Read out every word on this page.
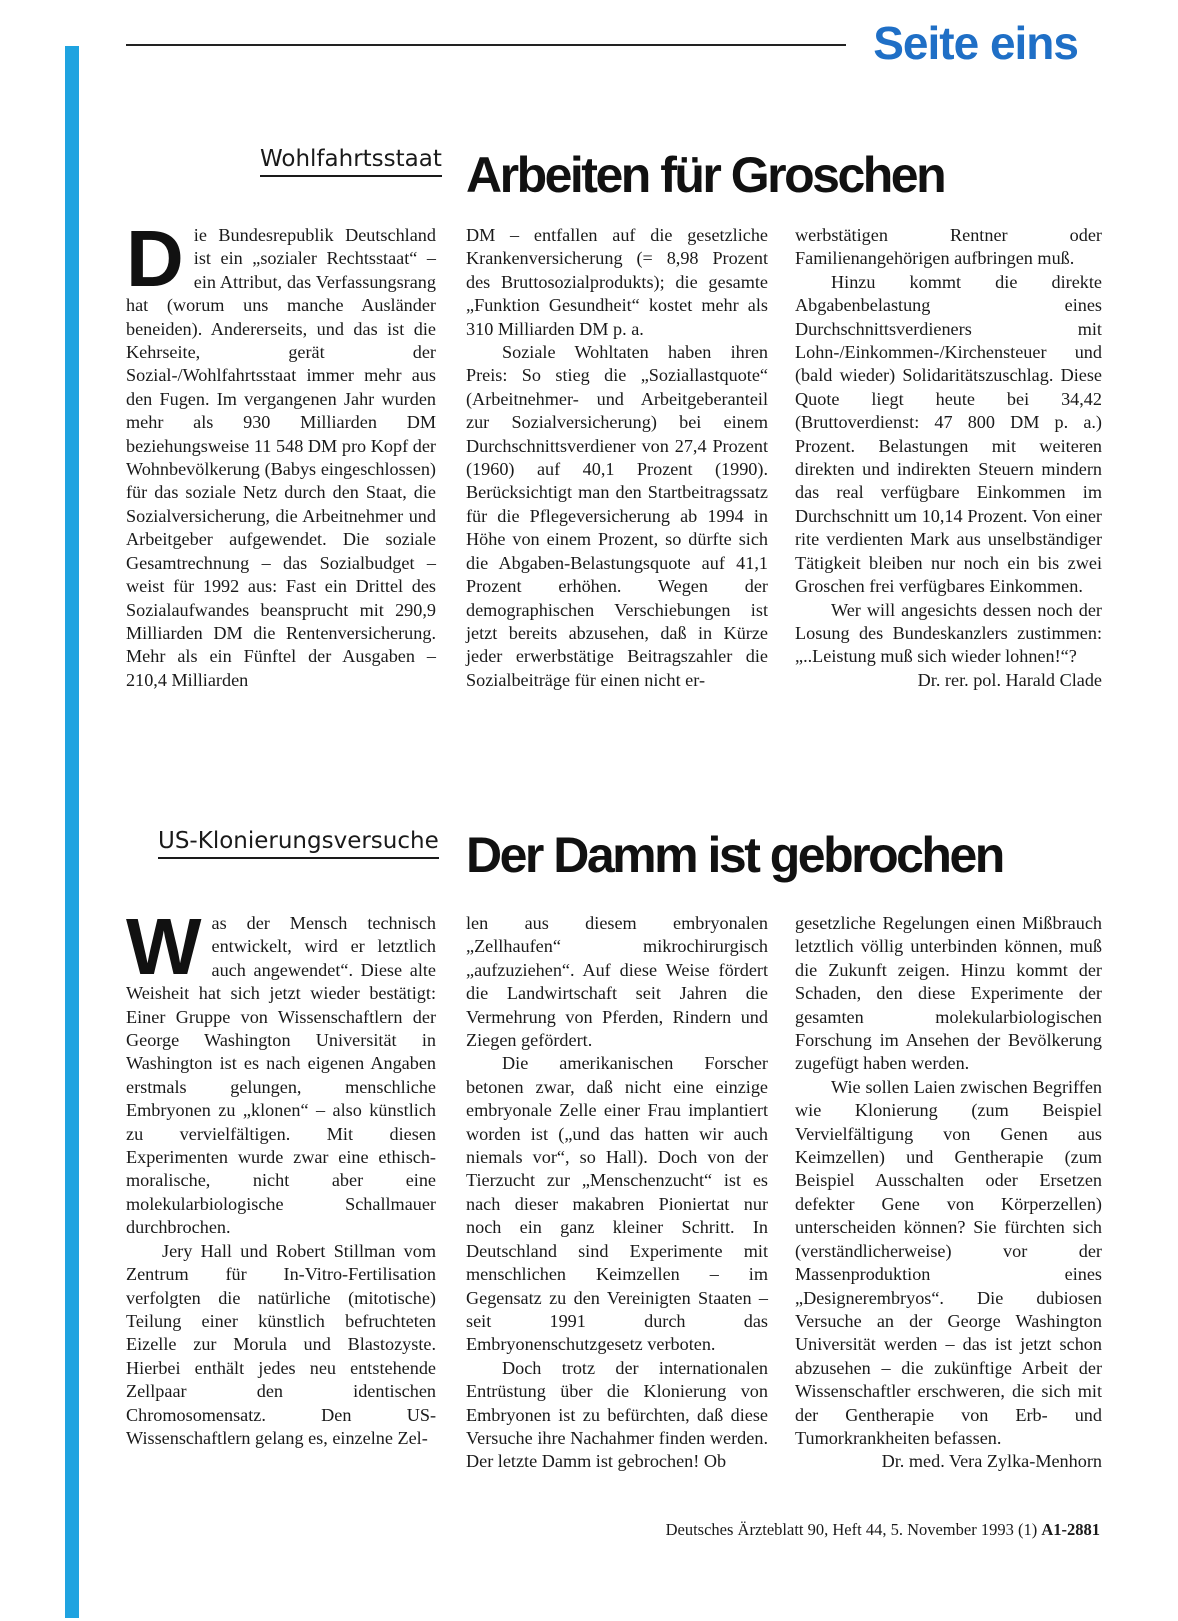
Seite eins
Wohlfahrtsstaat Arbeiten für Groschen

Die Bundesrepublik Deutschland ist ein „sozialer Rechtsstaat“ – ein Attribut, das Verfassungsrang hat (worum uns manche Ausländer beneiden). Andererseits, und das ist die Kehrseite, gerät der Sozial-/Wohlfahrtsstaat immer mehr aus den Fugen. Im vergangenen Jahr wurden mehr als 930 Milliarden DM beziehungsweise 11 548 DM pro Kopf der Wohnbevölkerung (Babys eingeschlossen) für das soziale Netz durch den Staat, die Sozialversicherung, die Arbeitnehmer und Arbeitgeber aufgewendet. Die soziale Gesamtrechnung – das Sozialbudget – weist für 1992 aus: Fast ein Drittel des Sozialaufwandes beansprucht mit 290,9 Milliarden DM die Rentenversicherung. Mehr als ein Fünftel der Ausgaben – 210,4 Milliarden

DM – entfallen auf die gesetzliche Krankenversicherung (= 8,98 Prozent des Bruttosozialprodukts); die gesamte „Funktion Gesundheit“ kostet mehr als 310 Milliarden DM p. a.

Soziale Wohltaten haben ihren Preis: So stieg die „Soziallastquote“ (Arbeitnehmer- und Arbeitgeberanteil zur Sozialversicherung) bei einem Durchschnittsverdiener von 27,4 Prozent (1960) auf 40,1 Prozent (1990). Berücksichtigt man den Startbeitragssatz für die Pflegeversicherung ab 1994 in Höhe von einem Prozent, so dürfte sich die Abgaben-Belastungsquote auf 41,1 Prozent erhöhen. Wegen der demographischen Verschiebungen ist jetzt bereits abzusehen, daß in Kürze jeder erwerbstätige Beitragszahler die Sozialbeiträge für einen nicht er-

werbstätigen Rentner oder Familienangehörigen aufbringen muß.

Hinzu kommt die direkte Abgabenbelastung eines Durchschnittsverdieners mit Lohn-/Einkommen-/Kirchensteuer und (bald wieder) Solidaritätszuschlag. Diese Quote liegt heute bei 34,42 (Bruttoverdienst: 47 800 DM p. a.) Prozent. Belastungen mit weiteren direkten und indirekten Steuern mindern das real verfügbare Einkommen im Durchschnitt um 10,14 Prozent. Von einer rite verdienten Mark aus unselbständiger Tätigkeit bleiben nur noch ein bis zwei Groschen frei verfügbares Einkommen.

Wer will angesichts dessen noch der Losung des Bundeskanzlers zustimmen: „..Leistung muß sich wieder lohnen!“?

Dr. rer. pol. Harald Clade

US-Klonierungsversuche Der Damm ist gebrochen

Was der Mensch technisch entwickelt, wird er letztlich auch angewendet“. Diese alte Weisheit hat sich jetzt wieder bestätigt: Einer Gruppe von Wissenschaftlern der George Washington Universität in Washington ist es nach eigenen Angaben erstmals gelungen, menschliche Embryonen zu „klonen“ – also künstlich zu vervielfältigen. Mit diesen Experimenten wurde zwar eine ethisch-moralische, nicht aber eine molekularbiologische Schallmauer durchbrochen.

Jery Hall und Robert Stillman vom Zentrum für In-Vitro-Fertilisation verfolgten die natürliche (mitotische) Teilung einer künstlich befruchteten Eizelle zur Morula und Blastozyste. Hierbei enthält jedes neu entstehende Zellpaar den identischen Chromosomensatz. Den US-Wissenschaftlern gelang es, einzelne Zel-

len aus diesem embryonalen „Zellhaufen“ mikrochirurgisch „aufzuziehen“. Auf diese Weise fördert die Landwirtschaft seit Jahren die Vermehrung von Pferden, Rindern und Ziegen gefördert.

Die amerikanischen Forscher betonen zwar, daß nicht eine einzige embryonale Zelle einer Frau implantiert worden ist („und das hatten wir auch niemals vor“, so Hall). Doch von der Tierzucht zur „Menschenzucht“ ist es nach dieser makabren Pioniertat nur noch ein ganz kleiner Schritt. In Deutschland sind Experimente mit menschlichen Keimzellen – im Gegensatz zu den Vereinigten Staaten – seit 1991 durch das Embryonenschutzgesetz verboten.

Doch trotz der internationalen Entrüstung über die Klonierung von Embryonen ist zu befürchten, daß diese Versuche ihre Nachahmer finden werden. Der letzte Damm ist gebrochen! Ob

gesetzliche Regelungen einen Mißbrauch letztlich völlig unterbinden können, muß die Zukunft zeigen. Hinzu kommt der Schaden, den diese Experimente der gesamten molekularbiologischen Forschung im Ansehen der Bevölkerung zugefügt haben werden.

Wie sollen Laien zwischen Begriffen wie Klonierung (zum Beispiel Vervielfältigung von Genen aus Keimzellen) und Gentherapie (zum Beispiel Ausschalten oder Ersetzen defekter Gene von Körperzellen) unterscheiden können? Sie fürchten sich (verständlicherweise) vor der Massenproduktion eines „Designerembryos“. Die dubiosen Versuche an der George Washington Universität werden – das ist jetzt schon abzusehen – die zukünftige Arbeit der Wissenschaftler erschweren, die sich mit der Gentherapie von Erb- und Tumorkrankheiten befassen.

Dr. med. Vera Zylka-Menhorn

Deutsches Ärzteblatt 90, Heft 44, 5. November 1993 (1) A1-2881
